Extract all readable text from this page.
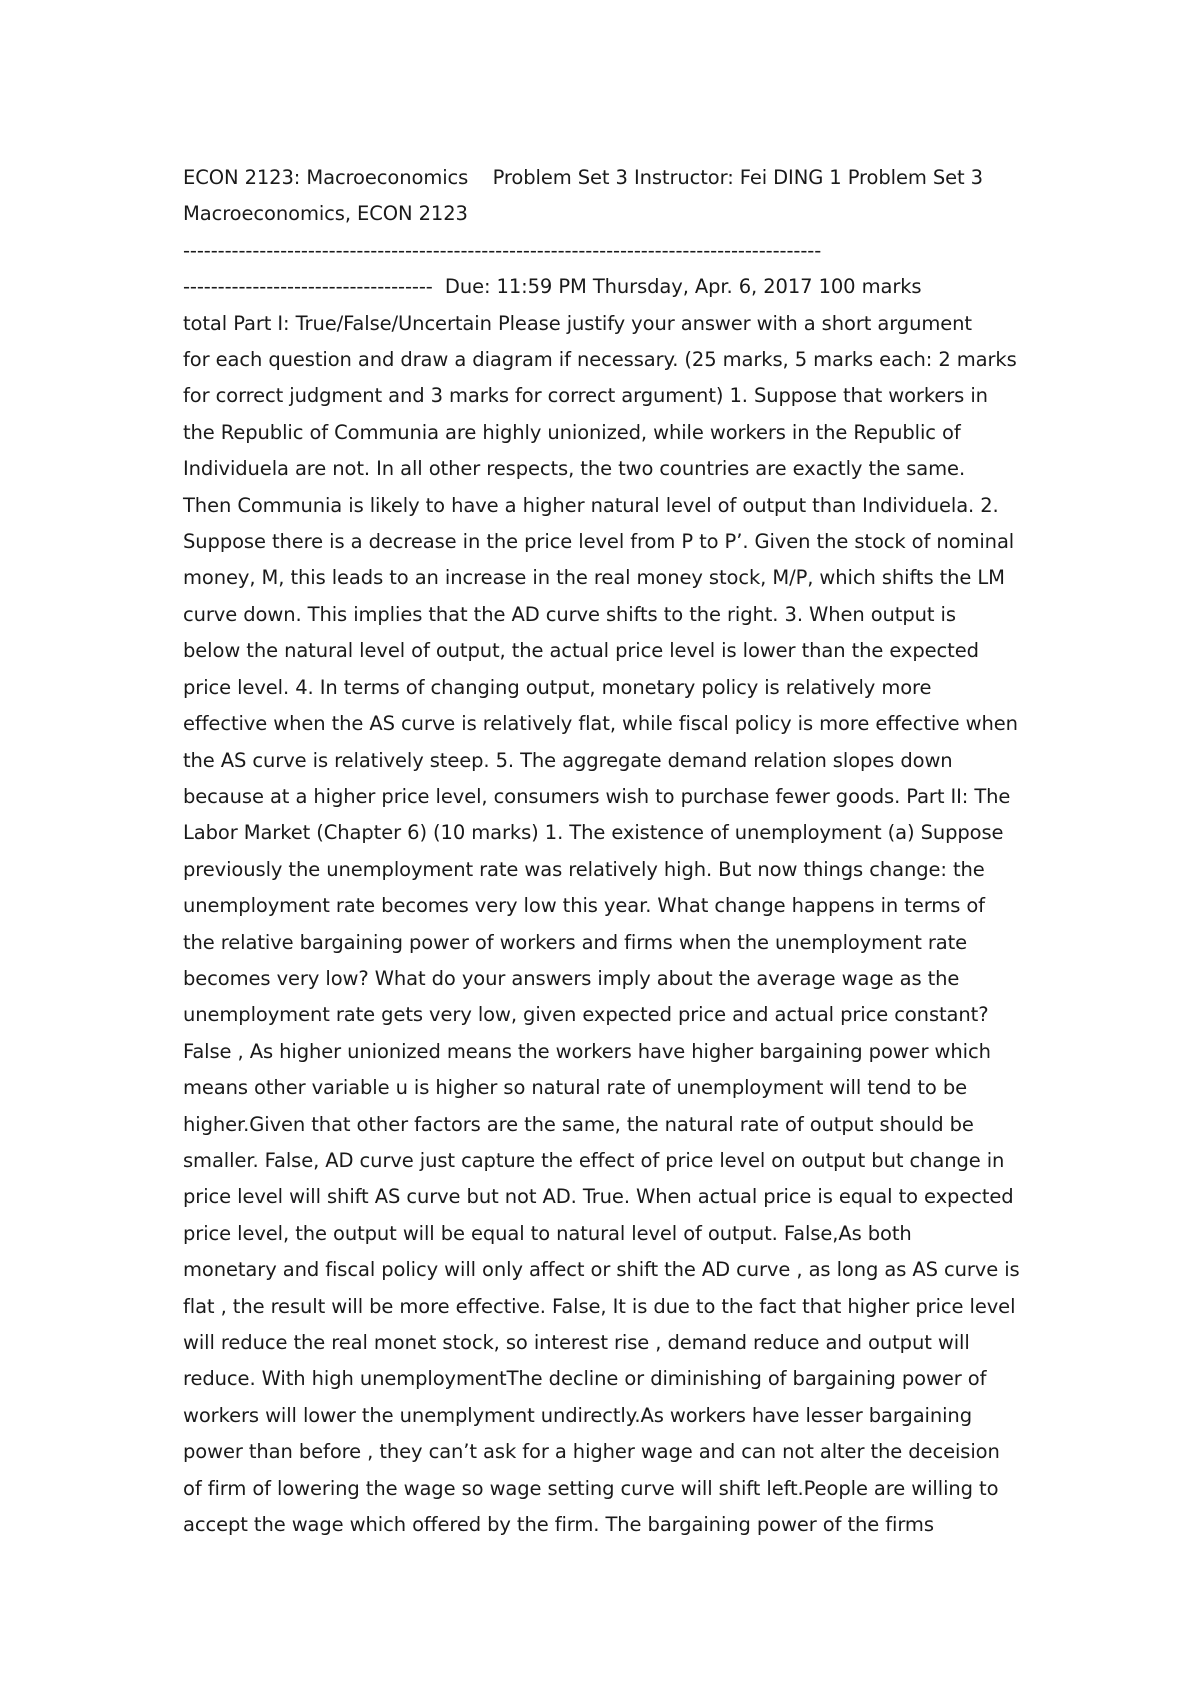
ECON 2123: Macroeconomics    Problem Set 3 Instructor: Fei DING 1 Problem Set 3
Macroeconomics, ECON 2123
--------------------------------------------------------------------------------------------
------------------------------------  Due: 11:59 PM Thursday, Apr. 6, 2017 100 marks
total Part I: True/False/Uncertain Please justify your answer with a short argument
for each question and draw a diagram if necessary. (25 marks, 5 marks each: 2 marks
for correct judgment and 3 marks for correct argument) 1. Suppose that workers in
the Republic of Communia are highly unionized, while workers in the Republic of
Individuela are not. In all other respects, the two countries are exactly the same.
Then Communia is likely to have a higher natural level of output than Individuela. 2.
Suppose there is a decrease in the price level from P to P’. Given the stock of nominal
money, M, this leads to an increase in the real money stock, M/P, which shifts the LM
curve down. This implies that the AD curve shifts to the right. 3. When output is
below the natural level of output, the actual price level is lower than the expected
price level. 4. In terms of changing output, monetary policy is relatively more
effective when the AS curve is relatively flat, while fiscal policy is more effective when
the AS curve is relatively steep. 5. The aggregate demand relation slopes down
because at a higher price level, consumers wish to purchase fewer goods. Part II: The
Labor Market (Chapter 6) (10 marks) 1. The existence of unemployment (a) Suppose
previously the unemployment rate was relatively high. But now things change: the
unemployment rate becomes very low this year. What change happens in terms of
the relative bargaining power of workers and firms when the unemployment rate
becomes very low? What do your answers imply about the average wage as the
unemployment rate gets very low, given expected price and actual price constant?
False , As higher unionized means the workers have higher bargaining power which
means other variable u is higher so natural rate of unemployment will tend to be
higher.Given that other factors are the same, the natural rate of output should be
smaller. False, AD curve just capture the effect of price level on output but change in
price level will shift AS curve but not AD. True. When actual price is equal to expected
price level, the output will be equal to natural level of output. False,As both
monetary and fiscal policy will only affect or shift the AD curve , as long as AS curve is
flat , the result will be more effective. False, It is due to the fact that higher price level
will reduce the real monet stock, so interest rise , demand reduce and output will
reduce. With high unemploymentThe decline or diminishing of bargaining power of
workers will lower the unemplyment undirectly.As workers have lesser bargaining
power than before , they can’t ask for a higher wage and can not alter the deceision
of firm of lowering the wage so wage setting curve will shift left.People are willing to
accept the wage which offered by the firm. The bargaining power of the firms
